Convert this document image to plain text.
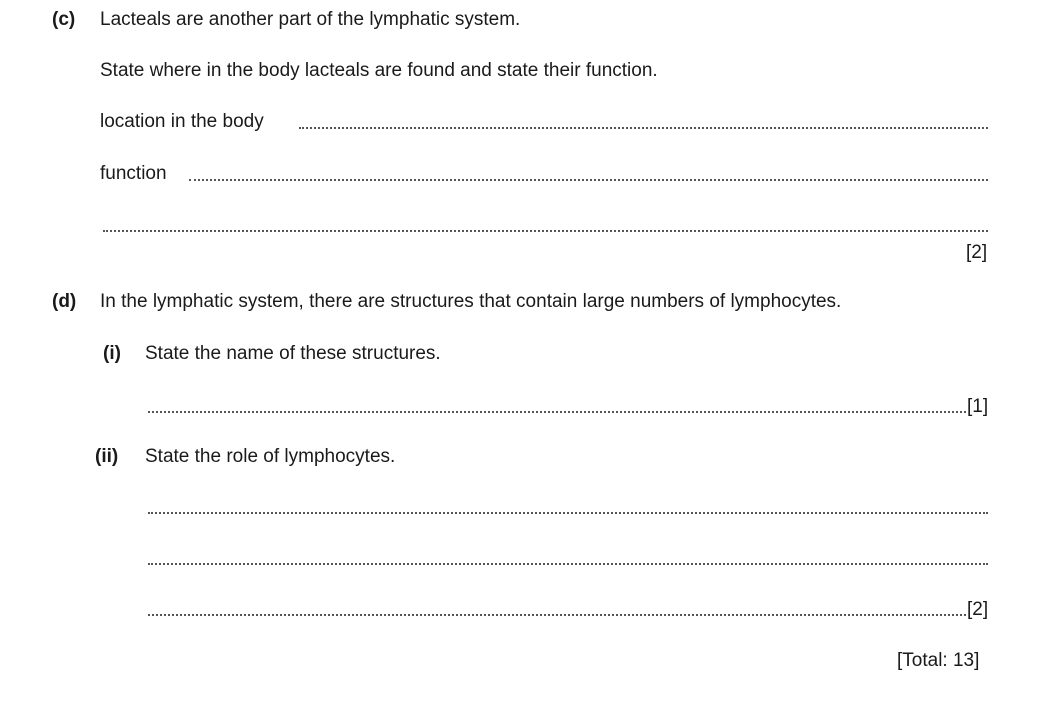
(c) Lacteals are another part of the lymphatic system.
State where in the body lacteals are found and state their function.
location in the body
function
[2]
(d) In the lymphatic system, there are structures that contain large numbers of lymphocytes.
(i) State the name of these structures.
[1]
(ii) State the role of lymphocytes.
[2]
[Total: 13]
